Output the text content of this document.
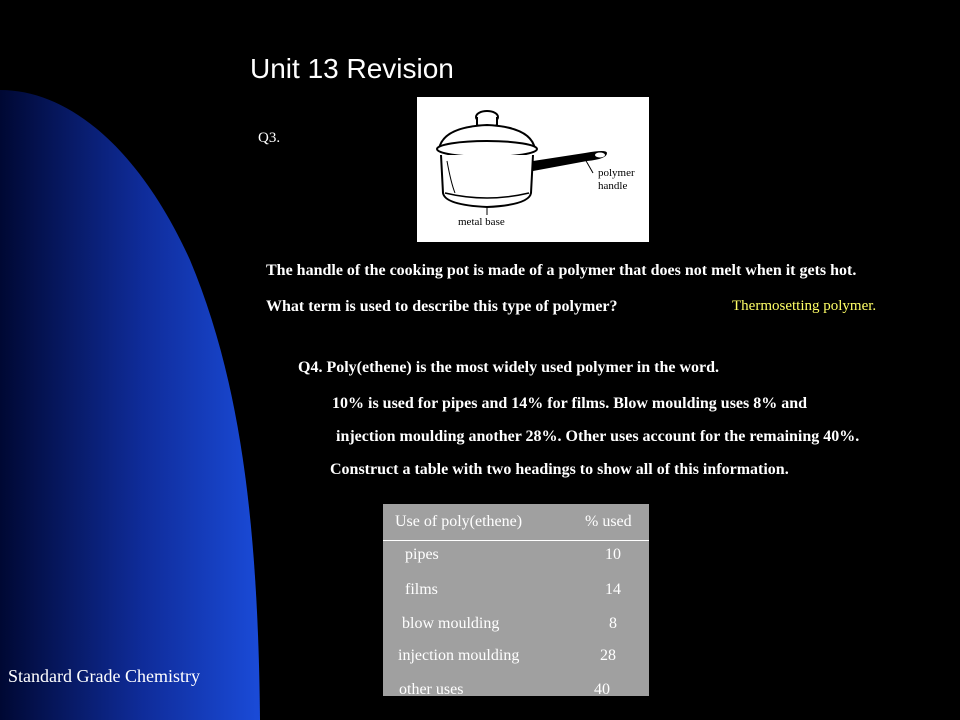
Unit 13 Revision
Q3.
polymer
handle
metal base
The handle of the cooking pot is made of a polymer that does not melt when it gets hot.
What term is used to describe this type of polymer?	Thermosetting polymer.
Q4. Poly(ethene) is the most widely used polymer in the word.
10% is used for pipes and 14% for films. Blow moulding uses 8% and
injection moulding another 28%. Other uses account for the remaining 40%.
Construct a table with two headings to show all of this information.
Use of poly(ethene)	% used
pipes	10
films	14
blow moulding	8
injection moulding	28
other uses	40
Standard Grade Chemistry
